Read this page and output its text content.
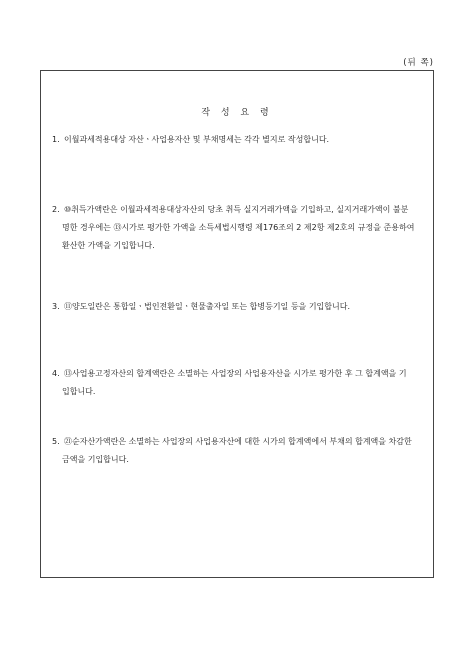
(뒤 쪽)
작 성 요 령

1. 이월과세적용대상 자산ㆍ사업용자산 및 부채명세는 각각 별지로 작성합니다.

2. ⑩취득가액란은 이월과세적용대상자산의 당초 취득 실지거래가액을 기입하고, 실지거래가액이 불분
명한 경우에는 ⑬시가로 평가한 가액을 소득세법시행령 제176조의 2 제2항 제2호의 규정을 준용하여
환산한 가액을 기입합니다.

3. ⑪양도일란은 통합일ㆍ법인전환일ㆍ현물출자일 또는 합병등기일 등을 기입합니다.

4. ⑬사업용고정자산의 합계액란은 소멸하는 사업장의 사업용자산을 시가로 평가한 후 그 합계액을 기
입합니다.

5. ㉑순자산가액란은 소멸하는 사업장의 사업용자산에 대한 시가의 합계액에서 부채의 합계액을 차감한
금액을 기입합니다.
